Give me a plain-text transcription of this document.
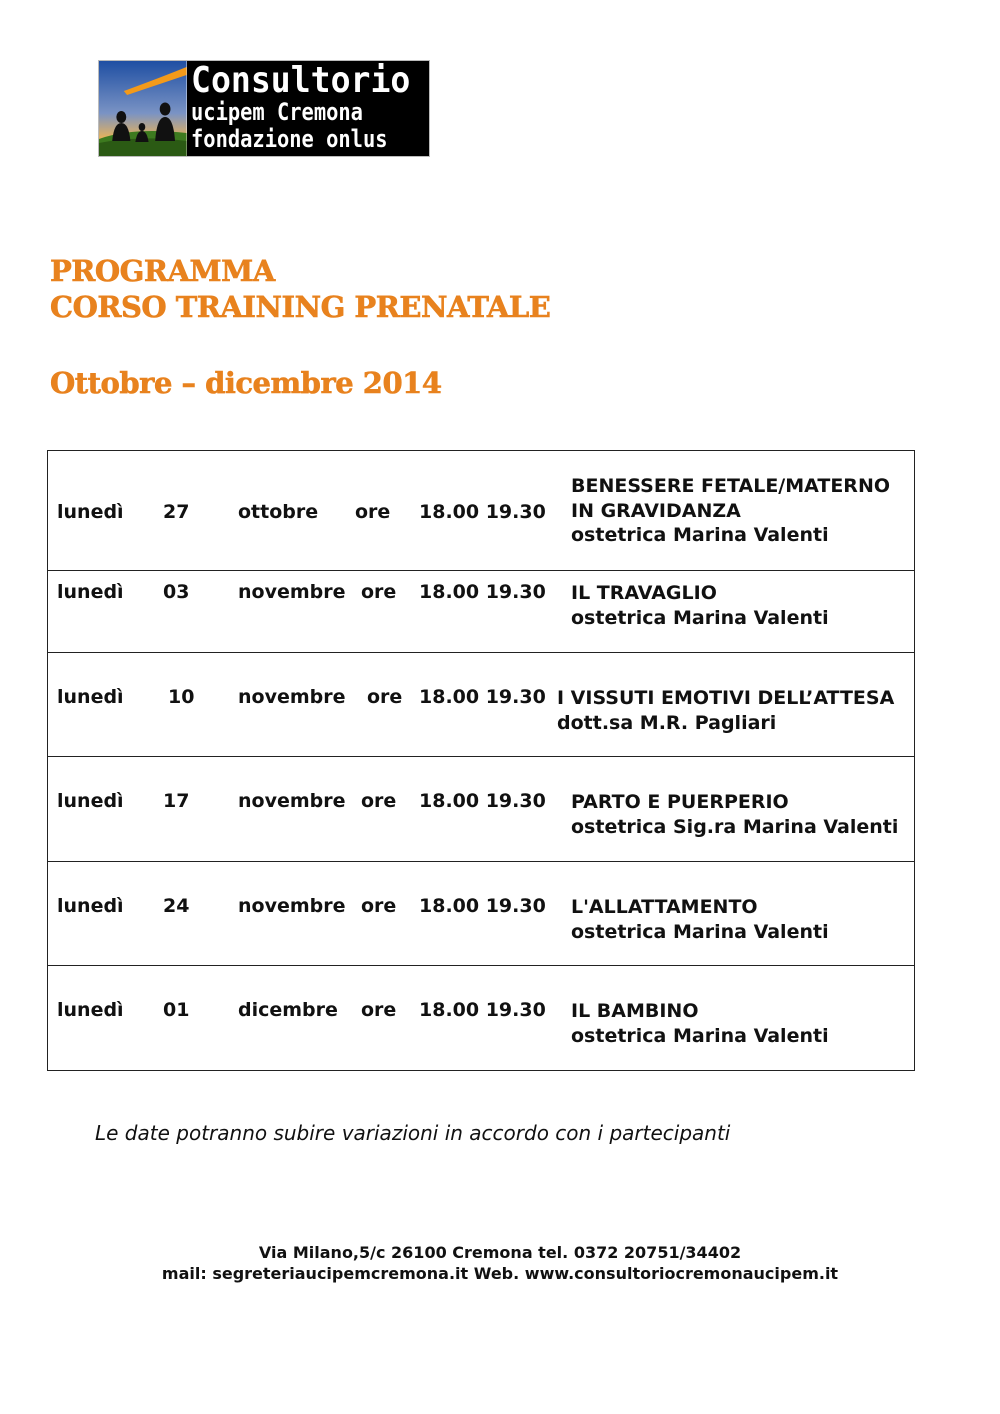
Consultorio
ucipem Cremona
fondazione onlus
PROGRAMMA
CORSO TRAINING PRENATALE
Ottobre – dicembre 2014
lunedì 27	ottobre ore 18.00 19.30
BENESSERE FETALE/MATERNO
IN GRAVIDANZA
ostetrica Marina Valenti
lunedì 03	novembre ore 18.00 19.30 IL TRAVAGLIO
ostetrica Marina Valenti
lunedì 10 novembre ore 18.00 19.30 I VISSUTI EMOTIVI DELL’ATTESA
dott.sa M.R. Pagliari
lunedì 17	novembre ore 18.00 19.30 PARTO E PUERPERIO
ostetrica Sig.ra Marina Valenti
lunedì 24	novembre ore 18.00 19.30 L'ALLATTAMENTO
ostetrica Marina Valenti
lunedì 01	dicembre ore 18.00 19.30 IL BAMBINO
ostetrica Marina Valenti
Le date potranno subire variazioni in accordo con i partecipanti
Via Milano,5/c 26100 Cremona tel. 0372 20751/34402
mail: segreteriaucipemcremona.it Web. www.consultoriocremonaucipem.it
